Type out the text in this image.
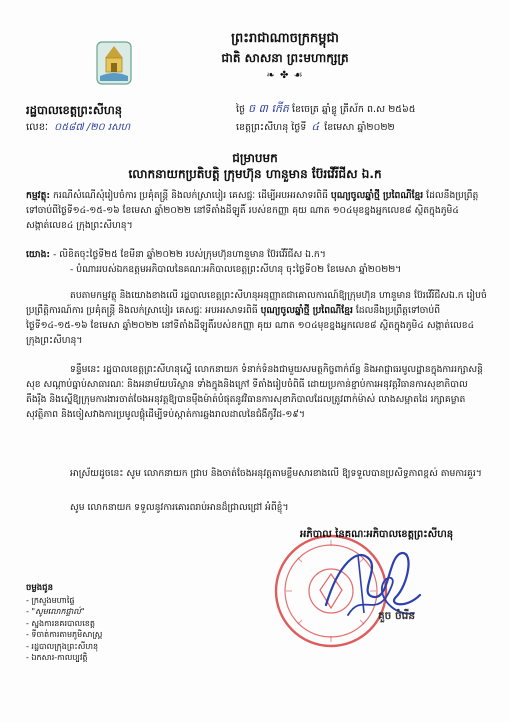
ព្រះរាជាណាចក្រកម្ពុជា
ជាតិ សាសនា ព្រះមហាក្សត្រ
❧ ✤ ☙
រដ្ឋបាលខេត្តព្រះសីហនុ
លេខៈ ០៥៨៧ /២០ រសហ
ថ្ងៃ ច ៣ កើត ខែចេត្រ ឆ្នាំខ្លូ ត្រីស័ក ព.ស ២៥៦៥
ខេត្តព្រះសីហនុ ថ្ងៃទី ៤ ខែមេសា ឆ្នាំ២០២២
ជម្រាបមក
លោកនាយកប្រតិបត្តិ ក្រុមហ៊ុន ហានួមាន ប៊ែរវើរីជីស ឯ.ក
កម្មវត្ថុ: ករណីសំណើសុំរៀបចំការ ប្រគុំតន្ត្រី និងលក់ស្រាបៀរ គេសជ្ជៈ ដើម្បីអបអរសាទរពិធី បុណ្យចូលឆ្នាំថ្មី ប្រពៃណីខ្មែរ ដែលនឹងប្រព្រឹត្តទៅចាប់ពីថ្ងៃទី១៤-១៥-១៦ ខែមេសា ឆ្នាំ២០២២ នៅទីតាំងដីឡូតិ៍ របស់ខកញ្ញា គុយ ណាត ១០៤មុខខ្នងអ្នកលេខ៨ ស្ថិតក្នុងភូមិ៤ សង្កាត់លេខ៤ ក្រុងព្រះសីហនុ។
យោង: - លិខិតចុះថ្ងៃទី២៥ ខែមីនា ឆ្នាំ២០២២ របស់ក្រុមហ៊ុនហានួមាន ប៊ែរវើរីជីស ឯ.ក។
- បំណាររបស់ឯកឧត្តមអភិបាលនៃគណៈអភិបាលខេត្តព្រះសីហនុ ចុះថ្ងៃទី០២ ខែមេសា ឆ្នាំ២០២២។
តបតាមកម្មវត្ថុ និងយោងខាងលើ រដ្ឋបាលខេត្តព្រះសីហនុអនុញ្ញាតជាគោលការណ៍ឱ្យក្រុមហ៊ុន ហានួមាន ប៊ែរវើរីជីសឯ.ក រៀបចំប្រព្រឹត្តិការណ៍ការ ប្រគុំតន្ត្រី និងលក់ស្រាបៀរ គេសជ្ជៈ អបអរសាទរពិធី បុណ្យចូលឆ្នាំថ្មី ប្រពៃណីខ្មែរ ដែលនឹងប្រព្រឹត្តទៅចាប់ពីថ្ងៃទី១៤-១៥-១៦ ខែមេសា ឆ្នាំ២០២២ នៅទីតាំងដីឡូតិ៍របស់ខកញ្ញា គុយ ណាត ១០៤មុខខ្នងអ្នកលេខ៨ ស្ថិតក្នុងភូមិ៤ សង្កាត់លេខ៤ ក្រុងព្រះសីហនុ។
ទន្ទឹមនេះ រដ្ឋបាលខេត្តព្រះសីហនុស្នើ លោកនាយក ទំនាក់ទំនងជាមួយសមត្ថកិច្ចពាក់ព័ន្ធ និងអាជ្ញាធរមូលដ្ឋានក្នុងការរក្សាសន្តិសុខ សណ្តាប់ធ្នាប់សាធារណៈ និងអនាម័យបរិស្ថាន ទាំងក្នុងនិងក្រៅ ទីតាំងរៀបចំពិធី ដោយប្រកាន់ខ្ជាប់ការអនុវត្តវិធានការសុខាភិបាលតឹងរ៉ឹង និងស្នើឱ្យក្រុមការងារចាត់ចែងអនុវត្តឱ្យបានម៉ឺងម៉ាត់បំផុតនូវវិធានការសុខាភិបាលដែលត្រូវពាក់ម៉ាស់ លាងសម្អាតដៃ រក្សាគម្លាតសុវត្ថិភាព និងចៀសវាងការប្រមូលផ្តុំដើម្បីទប់ស្កាត់ការឆ្លងរាលដាលនៃជំងឺកូវីដ-១៩។
អាស្រ័យដូចនេះ សូម លោកនាយក ជ្រាប និងចាត់ចែងអនុវត្តតាមខ្លឹមសារខាងលើ ឱ្យទទួលបានប្រសិទ្ធភាពខ្ពស់ តាមការគួរ។
សូម លោកនាយក ទទួលនូវការគោរពរាប់អានដ៏ជ្រាលជ្រៅ អំពីខ្ញុំ។
អភិបាល នៃគណៈអភិបាលខេត្តព្រះសីហនុ
គួច ចំរើន
ចម្លងជូន
- ក្រសួងមហាផ្ទៃ
- "សូមលោកផ្ទាល់"
- ស្នងការនគរបាលខេត្ត
- ទីចាត់ការតាមភូមិសាស្ត្រ
- រដ្ឋបាលក្រុងព្រះសីហនុ
- ឯកសារ-កាលប្បវត្តិ
